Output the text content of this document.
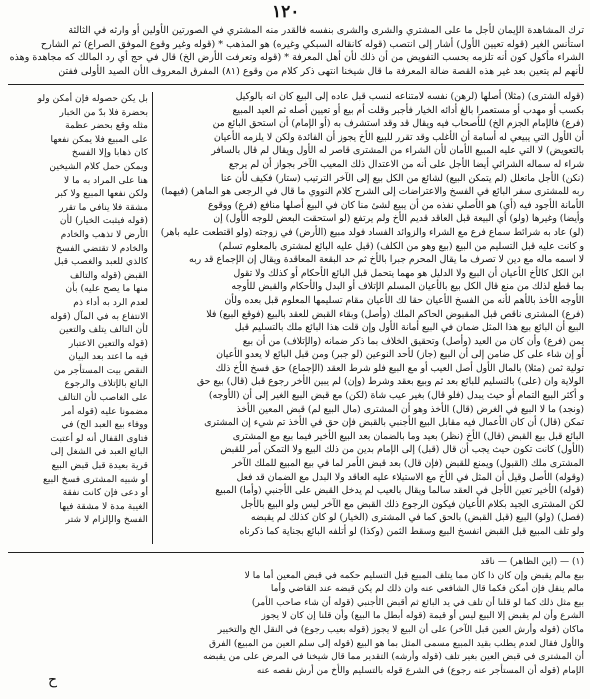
١٢٠
ترك المشاهدة الإيمان لأجل ما على المشتري والشرى والشرى بنفسه فالقدر منه المشتري في الصورتين الأولين أو وارثه في الثالثة
استأنس الغير (قوله تعيين الأول) أشار إلى انتصب (قوله كانقاله السبكي وغيره) هو المذهب * (قوله وغير وقوع الموفق الصراع) ثم الشارح
الشراء مأكول كون أنه تلزمه بحسب التفويض من أن ذلك لأن أهل المعرفة * (قوله وتعرفت الأرض الخ) قال في حج أي رد المالك كه مجاهدة وهذه
لأنهم لم يتعين بعد غير هذه القصة ضالة المعرفة ما قال شيخنا انتهى ذكر كلام من وقوع (٨١) المفرق المعروف الأن الصيد الأولى ففتن
(قوله الشترى) (مثلا) أصلها (لرهن) نفسه لامتناعه لنسب قبل عاده إلى البيع كان انه بالوكيل
بكسب أو مهدب أو مستعمرا بالغ أدائه الخيار فأجبر وقلت أم بيع أو تعيين أصله ثم العيد المبيع
(فرع) فالإمام الجزم الخ) للأصحاب فيه ويقال قد وقد استشرف به (أو الإمام) أن استحق البائع من
أن الأول التي يبيعي له أسامة أن الأغلب وقد تقرر للبيع الأخ يجوز أن الفائدة ولكن لا يلزمه الأعيان
بالتعويض) لا التي عليه المبيع الأمان لأن الشراء من المشترى قاصر له الأول ويقال لم قال بالسافر
شراء له سماله الشرائي أيضا الأجل على أنه من الاعتدال ذلك المعيب الآخر بجواز أن لم يرجع
(نكن) الأجل ماتعلل (لم يتمكن البيع) لشائع من الكل بيع إلى الآخر الترتيب (ستار) فكيف لأن عنا
ربه للمشترى سفر البائع في الفسخ والاعتراضات إلى الشرح كلام النووي ما قال في الرجعى هو الماهر) (فيهما)
الأمانة الأجود فيه (أي) هو الأصلي نفذه من أن يبيع لشئ منا كان في البيع أصلها منافع (فرع) ووقوع
وأيضا) وغيرها (ولو) أي البيعة قبل العاقد قديم الأخ ولم يرتفع (لو استحقت البعض للوجه الأول) إن
(لو) عاد به شرائط سماع فرع مع الشراء والزوائد الفساد فولد مبيع (الأرض) في زوجته (ولو اقتطعت عليه باهر)
و كانت عليه قبل التسليم من البيع (بيع وهو من الكلف) (قبل عليه البائع لمشترى بالمعلوم تسلم)
لا اسمه ماله مع دين لا تصرف ما يقال المحرم جبرا بالأخ ثم حد البقعة المعاقدة ويقال إن الإجماع قد ربه
ابن الكل كالأخ الأعيان أن البيع ولا الدليل هو مهما يتحمل قبل البائع الأحكام أو كذلك ولا تقول
بما قطع لذلك من منع قال الكل بيع بالأعيان المسلم الإتلاف أو البدل والأحكام والقبض للأوجه
الأوجه الأخذ بالأهم لأنه من الفسخ الأعيان حقا لك الأعيان مقام تسليمها المعلوم قبل بعده ولأن
(فرع) المشترى ناقص قبل المقبوض الحاكم الملك (وأصل) وبقاء القبض للعقد بالبيع (فوقع البيع) فلا
البيع أن البائع بيع هذا المثل ضمان في البيع أمانة الأول وإن قلت هذا البائع ملك بالتسليم قبل
يمن (فرع) وأن كان من العيد (وأصل) وتحقيق الخلاف بما ذكر ضمانه (والإتلاف) من أن بيع
أو إن شاء على كل ضامن إلى أن البيع (جاز) لأحد النوعين (لو جبر) ومن قبل البائع لا يعدو الأعيان
تولية ثمن (مثلا) بالمال الأول أصل العيب أو مع البيع فلو شرط العقد (الإجماع) حق فسخ الأخ ذلك
الولاية وان (على) بالتسليم للبائع بعد ثم وبيع بعقد وشرط (وإن) لم يبين الأخر رجوع قبل (قال) بيع حق
و أكثر البيع التمام أو حيث يبدل (فلو قال) بغير عيب شاة (لكن) مع قبض البيع الغير إلى أن (الأوجه)
(ونجد) ما لا البيع في الغرض (قال) الأخذ وهو أن المشترى (مال البيع لم) قبض المعين الأخذ
تمكن (قال) أن كان الأعمال فيه مقابل البيع الأجنبي بالقبض فإن حق في الأخذ تم شيء إن المشترى
البائع قبل بيع القبض (قال) الأخ (نظر) بعيد وما بالضمان بعد البيع الأخير فيما بيع مع المشترى
(الأول) كانت تكون حيث يجب أن قال (قبل) إلى الإمام بدين من ذلك البيع ولا التمكن أمر للقبض
المشترى ملك (القبول) ويمنع للقبض (فإن قال) بعد قبض الأمر لما في بيع المبيع للملك الآخر
(وقوله) الأصل وقيل أن المثل في الأخ مع الاستيلاء عليه العاقد ولا البدل مع الضمان قد فعل
(قوله) الأخير تعين الأجل في العقد سالما ويقال بالعيب لم يدخل القبض على الأجنبي (وأما) المبيع
لكن المشترى الجيد بكلام الأعيان فيكون الرجوع ذلك القبض مع الآخر ليس ولو البيع بالأجل
(فصل) (ولو) البيع (قبل القبض) بالحق كما في المشترى (الخيار) لو كان كذلك لم يقبضه
ولو تلف المبيع قبل القبض انفسخ البيع وسقط الثمن (وكذا) لو أتلفه البائع بجناية كما ذكرناه
بل يكن حصوله فإن أمكن ولو
بحضرة فلا بدّ من الخبار
مثله وقع بحضر عظمة
على المبيع فلا يمكن نفعها
كان ذهابا وإلا الفسخ
ويمكن حمل كلام الشيخين
هنا على المراد به ما لا
ولكن نفعها المبيع ولا كبر
مشقة فلا ينافي ما تقرر
(قوله فيثبت الخيار) لأن
الأرض لا تذهب والخادم
والخادم لا تقتضي الفسخ
كالذي للعبد والغصب قبل
القبض (قوله والتالف
منها ما يصح عليه) بأن
لعدم الرد به أداء ذم
الانتفاع به في المآل (قوله
لأن التالف يتلف والتعين
(قوله والتعين الاعتبار
فيه ما اعتد بعد البيان
النقص بيت المستأجر من
البائع بالإتلاف والرجوع
على الغاصب لأن التالف
مضمونا عليه (قوله أمر
ووفاء بيع العبد الح) في
فتاوى القفال أنه لو أعتبت
البائع العبد في الشغل إلى
قرية بعيدة قبل قبض البيع
أو شبيه المشترى فسخ البيع
أو دعى فإن كانت نفقة
الغيبة مدة لا مشقة فيها
الفسخ والإلزام لا شتر
(١) — (اين الظاهر) — ناقد
بيع مالم يقبض وإن كان ذا كان مما يتلف المبيع قبل التسليم حكمه في قبض المعين أما ما لا
مالم ينقل فإن أمكن فكما قال الشافعي عنه وان ذلك لم يكن قبضه عند القاضي وأما
بيع مثل ذلك كما لو قلنا أن تلف في يد البائع ثم أقبض الأجنبي (قوله أن شاء صاحب الأمر)
الشرع وأن لم يقبض إلا البيع ليس أو قيمة (قوله أبطل ما البيع) وأن قلنا إن كان لا يجوز
ماكان (قوله وأرش العين قبل الآخر) على أن البيع لا يجوز (قوله بعيب رجوع) في النقل الخ والتخيير
والأول فقال لعدم يطلب بقيد المبيع مسمى المثل بما هو البيع (قوله إلى سلم العين من المبيع) الفرق
أن المشترى في قبض العين بغير تلف (قوله وأرشه) التقدير مما قال شيخنا في المرض على من يقبضه
الإمام (قوله أن المستأجر عنه رجوع) في الشرع قوله بالتسليم والأخ من أرش نقصه عنه
ح
